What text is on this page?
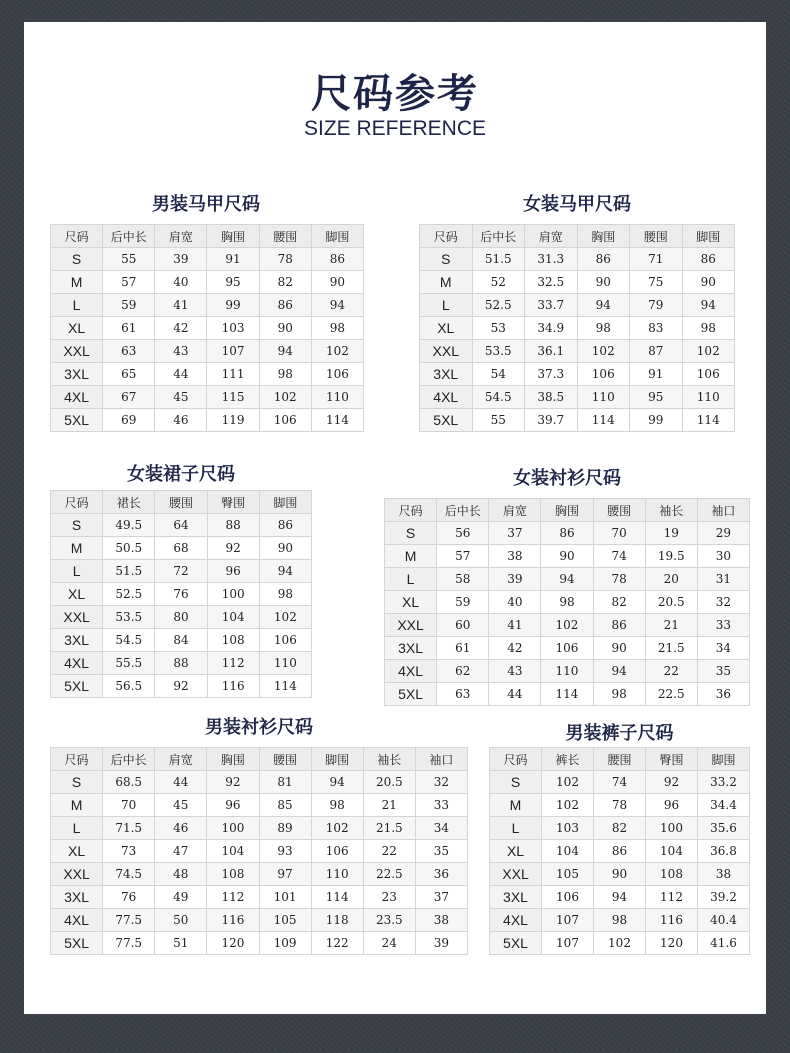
尺码参考
SIZE REFERENCE
男装马甲尺码
尺码	后中长	肩宽	胸围	腰围	脚围
S	55	39	91	78	86
M	57	40	95	82	90
L	59	41	99	86	94
XL	61	42	103	90	98
XXL	63	43	107	94	102
3XL	65	44	111	98	106
4XL	67	45	115	102	110
5XL	69	46	119	106	114
女装马甲尺码
尺码	后中长	肩宽	胸围	腰围	脚围
S	51.5	31.3	86	71	86
M	52	32.5	90	75	90
L	52.5	33.7	94	79	94
XL	53	34.9	98	83	98
XXL	53.5	36.1	102	87	102
3XL	54	37.3	106	91	106
4XL	54.5	38.5	110	95	110
5XL	55	39.7	114	99	114
女装裙子尺码
尺码	裙长	腰围	臀围	脚围
S	49.5	64	88	86
M	50.5	68	92	90
L	51.5	72	96	94
XL	52.5	76	100	98
XXL	53.5	80	104	102
3XL	54.5	84	108	106
4XL	55.5	88	112	110
5XL	56.5	92	116	114
女装衬衫尺码
尺码	后中长	肩宽	胸围	腰围	袖长	袖口
S	56	37	86	70	19	29
M	57	38	90	74	19.5	30
L	58	39	94	78	20	31
XL	59	40	98	82	20.5	32
XXL	60	41	102	86	21	33
3XL	61	42	106	90	21.5	34
4XL	62	43	110	94	22	35
5XL	63	44	114	98	22.5	36
男装衬衫尺码
尺码	后中长	肩宽	胸围	腰围	脚围	袖长	袖口
S	68.5	44	92	81	94	20.5	32
M	70	45	96	85	98	21	33
L	71.5	46	100	89	102	21.5	34
XL	73	47	104	93	106	22	35
XXL	74.5	48	108	97	110	22.5	36
3XL	76	49	112	101	114	23	37
4XL	77.5	50	116	105	118	23.5	38
5XL	77.5	51	120	109	122	24	39
男装裤子尺码
尺码	裤长	腰围	臀围	脚围
S	102	74	92	33.2
M	102	78	96	34.4
L	103	82	100	35.6
XL	104	86	104	36.8
XXL	105	90	108	38
3XL	106	94	112	39.2
4XL	107	98	116	40.4
5XL	107	102	120	41.6
